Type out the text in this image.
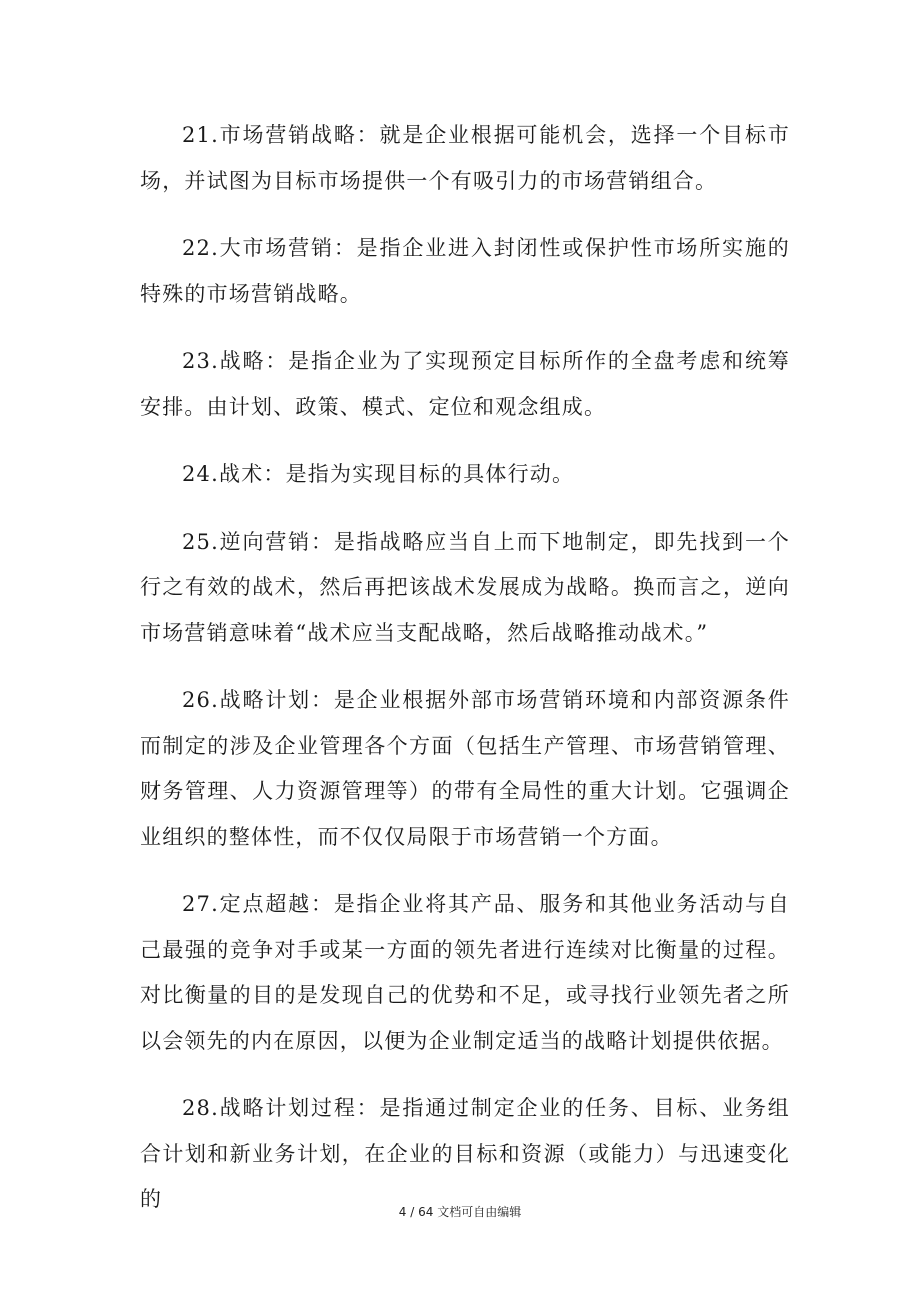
21.市场营销战略：就是企业根据可能机会，选择一个目标市场，并试图为目标市场提供一个有吸引力的市场营销组合。

22.大市场营销：是指企业进入封闭性或保护性市场所实施的特殊的市场营销战略。

23.战略：是指企业为了实现预定目标所作的全盘考虑和统筹安排。由计划、政策、模式、定位和观念组成。

24.战术：是指为实现目标的具体行动。

25.逆向营销：是指战略应当自上而下地制定，即先找到一个行之有效的战术，然后再把该战术发展成为战略。换而言之，逆向市场营销意味着“战术应当支配战略，然后战略推动战术。”

26.战略计划：是企业根据外部市场营销环境和内部资源条件而制定的涉及企业管理各个方面（包括生产管理、市场营销管理、财务管理、人力资源管理等）的带有全局性的重大计划。它强调企业组织的整体性，而不仅仅局限于市场营销一个方面。

27.定点超越：是指企业将其产品、服务和其他业务活动与自己最强的竞争对手或某一方面的领先者进行连续对比衡量的过程。对比衡量的目的是发现自己的优势和不足，或寻找行业领先者之所以会领先的内在原因，以便为企业制定适当的战略计划提供依据。

28.战略计划过程：是指通过制定企业的任务、目标、业务组合计划和新业务计划，在企业的目标和资源（或能力）与迅速变化的

4 / 64 文档可自由编辑
